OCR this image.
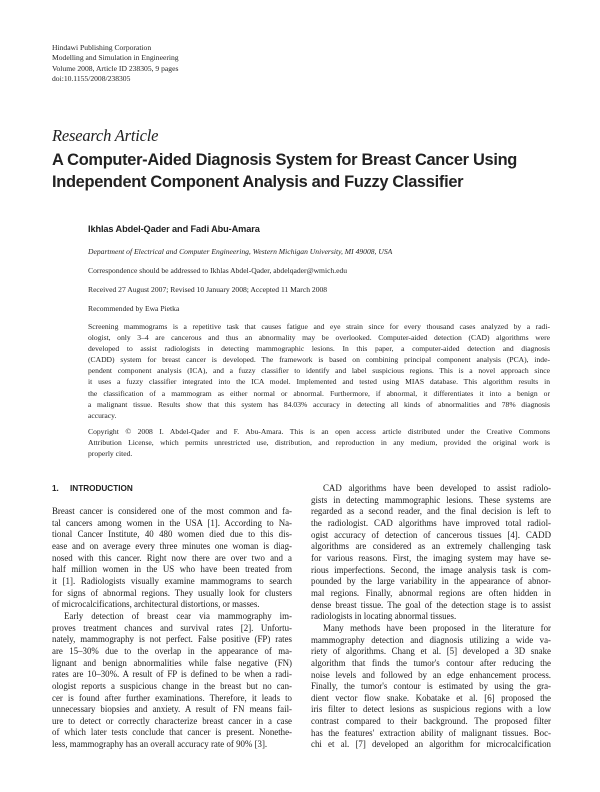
Hindawi Publishing Corporation
Modelling and Simulation in Engineering
Volume 2008, Article ID 238305, 9 pages
doi:10.1155/2008/238305
Research Article
A Computer-Aided Diagnosis System for Breast Cancer Using
Independent Component Analysis and Fuzzy Classifier
Ikhlas Abdel-Qader and Fadi Abu-Amara
Department of Electrical and Computer Engineering, Western Michigan University, MI 49008, USA
Correspondence should be addressed to Ikhlas Abdel-Qader, abdelqader@wmich.edu
Received 27 August 2007; Revised 10 January 2008; Accepted 11 March 2008
Recommended by Ewa Pietka
Screening mammograms is a repetitive task that causes fatigue and eye strain since for every thousand cases analyzed by a radi-
ologist, only 3–4 are cancerous and thus an abnormality may be overlooked. Computer-aided detection (CAD) algorithms were
developed to assist radiologists in detecting mammographic lesions. In this paper, a computer-aided detection and diagnosis
(CADD) system for breast cancer is developed. The framework is based on combining principal component analysis (PCA), inde-
pendent component analysis (ICA), and a fuzzy classifier to identify and label suspicious regions. This is a novel approach since
it uses a fuzzy classifier integrated into the ICA model. Implemented and tested using MIAS database. This algorithm results in
the classification of a mammogram as either normal or abnormal. Furthermore, if abnormal, it differentiates it into a benign or
a malignant tissue. Results show that this system has 84.03% accuracy in detecting all kinds of abnormalities and 78% diagnosis
accuracy.
Copyright © 2008 I. Abdel-Qader and F. Abu-Amara. This is an open access article distributed under the Creative Commons
Attribution License, which permits unrestricted use, distribution, and reproduction in any medium, provided the original work is
properly cited.
1. INTRODUCTION
Breast cancer is considered one of the most common and fa-
tal cancers among women in the USA [1]. According to Na-
tional Cancer Institute, 40 480 women died due to this dis-
ease and on average every three minutes one woman is diag-
nosed with this cancer. Right now there are over two and a
half million women in the US who have been treated from
it [1]. Radiologists visually examine mammograms to search
for signs of abnormal regions. They usually look for clusters
of microcalcifications, architectural distortions, or masses.
Early detection of breast cear via mammography im-
proves treatment chances and survival rates [2]. Unfortu-
nately, mammography is not perfect. False positive (FP) rates
are 15–30% due to the overlap in the appearance of ma-
lignant and benign abnormalities while false negative (FN)
rates are 10–30%. A result of FP is defined to be when a radi-
ologist reports a suspicious change in the breast but no can-
cer is found after further examinations. Therefore, it leads to
unnecessary biopsies and anxiety. A result of FN means fail-
ure to detect or correctly characterize breast cancer in a case
of which later tests conclude that cancer is present. Nonethe-
less, mammography has an overall accuracy rate of 90% [3].
CAD algorithms have been developed to assist radiolo-
gists in detecting mammographic lesions. These systems are
regarded as a second reader, and the final decision is left to
the radiologist. CAD algorithms have improved total radiol-
ogist accuracy of detection of cancerous tissues [4]. CADD
algorithms are considered as an extremely challenging task
for various reasons. First, the imaging system may have se-
rious imperfections. Second, the image analysis task is com-
pounded by the large variability in the appearance of abnor-
mal regions. Finally, abnormal regions are often hidden in
dense breast tissue. The goal of the detection stage is to assist
radiologists in locating abnormal tissues.
Many methods have been proposed in the literature for
mammography detection and diagnosis utilizing a wide va-
riety of algorithms. Chang et al. [5] developed a 3D snake
algorithm that finds the tumor's contour after reducing the
noise levels and followed by an edge enhancement process.
Finally, the tumor's contour is estimated by using the gra-
dient vector flow snake. Kobatake et al. [6] proposed the
iris filter to detect lesions as suspicious regions with a low
contrast compared to their background. The proposed filter
has the features' extraction ability of malignant tissues. Boc-
chi et al. [7] developed an algorithm for microcalcification
